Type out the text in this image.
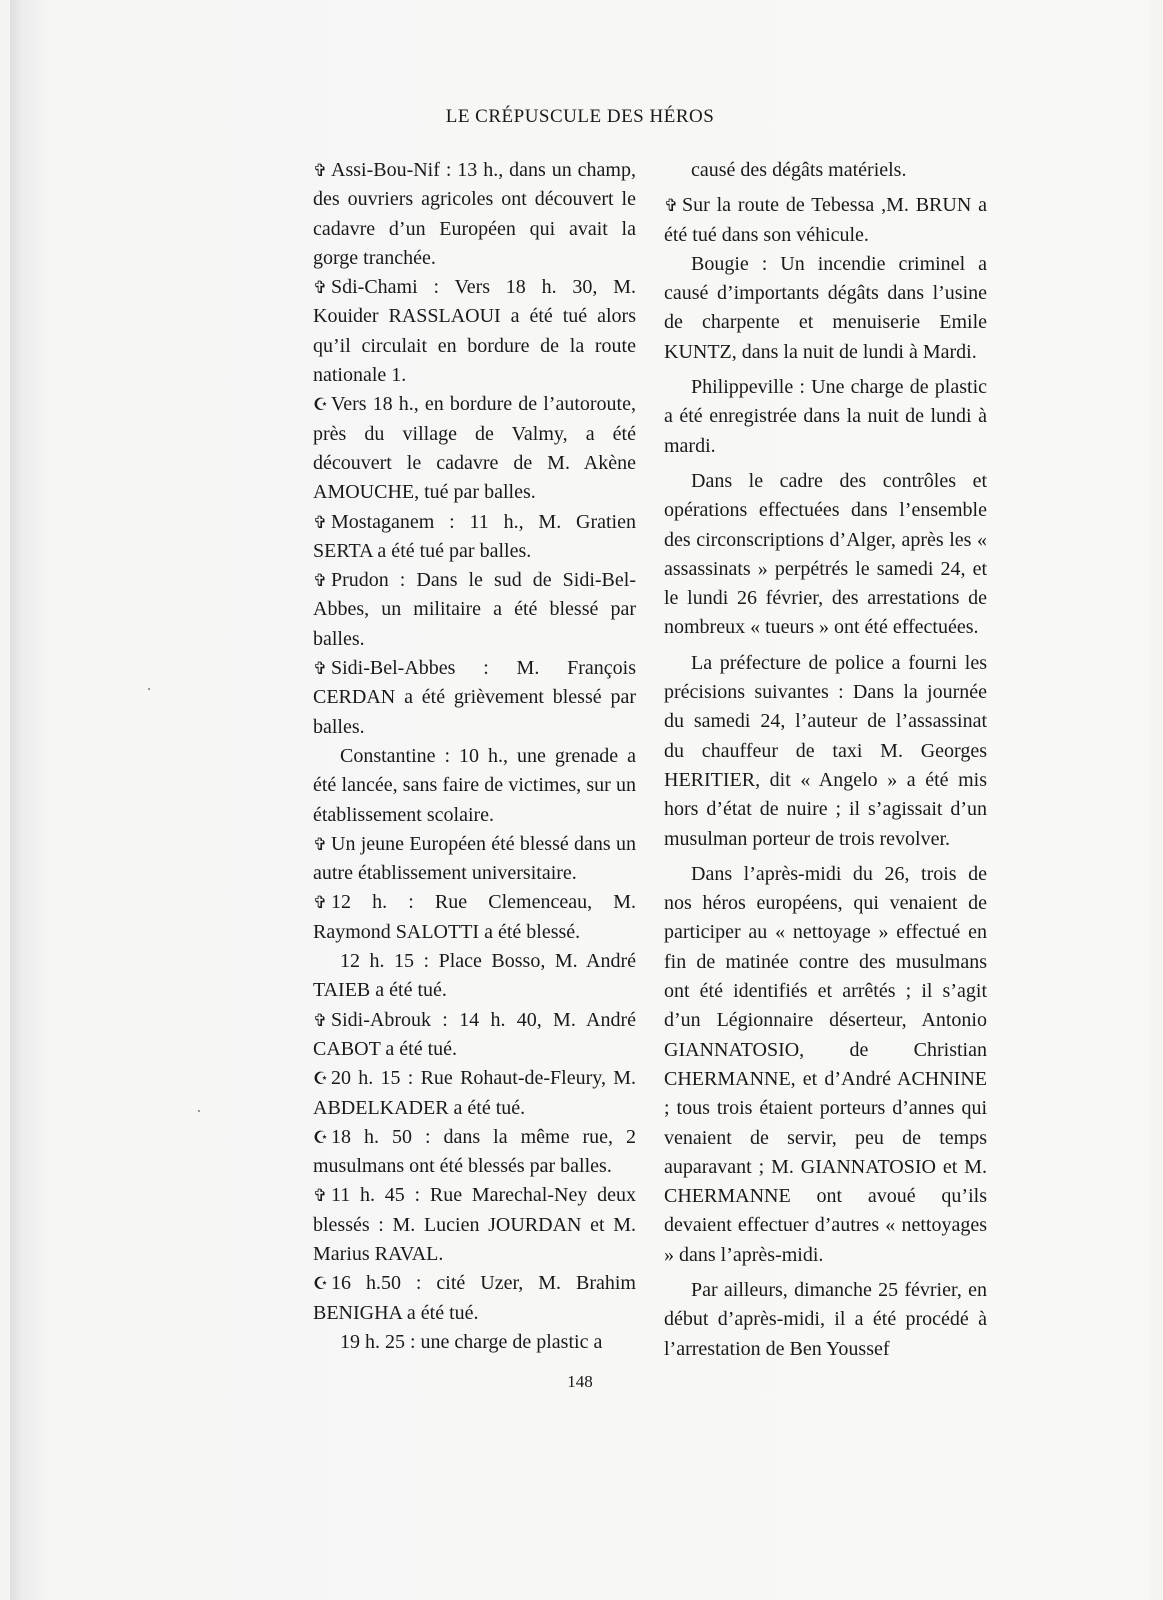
LE CRÉPUSCULE DES HÉROS

✞ Assi-Bou-Nif : 13 h., dans un champ, des ouvriers agricoles ont découvert le cadavre d’un Européen qui avait la gorge tranchée.

✞ Sdi-Chami : Vers 18 h. 30, M. Kouider RASSLAOUI a été tué alors qu’il circulait en bordure de la route nationale 1.

☪ Vers 18 h., en bordure de l’autoroute, près du village de Valmy, a été découvert le cadavre de M. Akène AMOUCHE, tué par balles.

✞ Mostaganem : 11 h., M. Gratien SERTA a été tué par balles.

✞ Prudon : Dans le sud de Sidi-Bel-Abbes, un militaire a été blessé par balles.

✞ Sidi-Bel-Abbes : M. François CERDAN a été grièvement blessé par balles.

Constantine : 10 h., une grenade a été lancée, sans faire de victimes, sur un établissement scolaire.

✞ Un jeune Européen été blessé dans un autre établissement universitaire.

✞ 12 h. : Rue Clemenceau, M. Raymond SALOTTI a été blessé.

12 h. 15 : Place Bosso, M. André TAIEB a été tué.

✞ Sidi-Abrouk : 14 h. 40, M. André CABOT a été tué.

☪ 20 h. 15 : Rue Rohaut-de-Fleury, M. ABDELKADER a été tué.

☪ 18 h. 50 : dans la même rue, 2 musulmans ont été blessés par balles.

✞ 11 h. 45 : Rue Marechal-Ney deux blessés : M. Lucien JOURDAN et M. Marius RAVAL.

☪ 16 h.50 : cité Uzer, M. Brahim BENIGHA a été tué.

19 h. 25 : une charge de plastic a

causé des dégâts matériels.

✞ Sur la route de Tebessa ,M. BRUN a été tué dans son véhicule.

Bougie : Un incendie criminel a causé d’importants dégâts dans l’usine de charpente et menuiserie Emile KUNTZ, dans la nuit de lundi à Mardi.

Philippeville : Une charge de plastic a été enregistrée dans la nuit de lundi à mardi.

Dans le cadre des contrôles et opérations effectuées dans l’ensemble des circonscriptions d’Alger, après les « assassinats » perpétrés le samedi 24, et le lundi 26 février, des arrestations de nombreux « tueurs » ont été effectuées.

La préfecture de police a fourni les précisions suivantes : Dans la journée du samedi 24, l’auteur de l’assassinat du chauffeur de taxi M. Georges HERITIER, dit « Angelo » a été mis hors d’état de nuire ; il s’agissait d’un musulman porteur de trois revolver.

Dans l’après-midi du 26, trois de nos héros européens, qui venaient de participer au « nettoyage » effectué en fin de matinée contre des musulmans ont été identifiés et arrêtés ; il s’agit d’un Légionnaire déserteur, Antonio GIANNATOSIO, de Christian CHERMANNE, et d’André ACHNINE ; tous trois étaient porteurs d’annes qui venaient de servir, peu de temps auparavant ; M. GIANNATOSIO et M. CHERMANNE ont avoué qu’ils devaient effectuer d’autres « nettoyages » dans l’après-midi.

Par ailleurs, dimanche 25 février, en début d’après-midi, il a été procédé à l’arrestation de Ben Youssef

148
